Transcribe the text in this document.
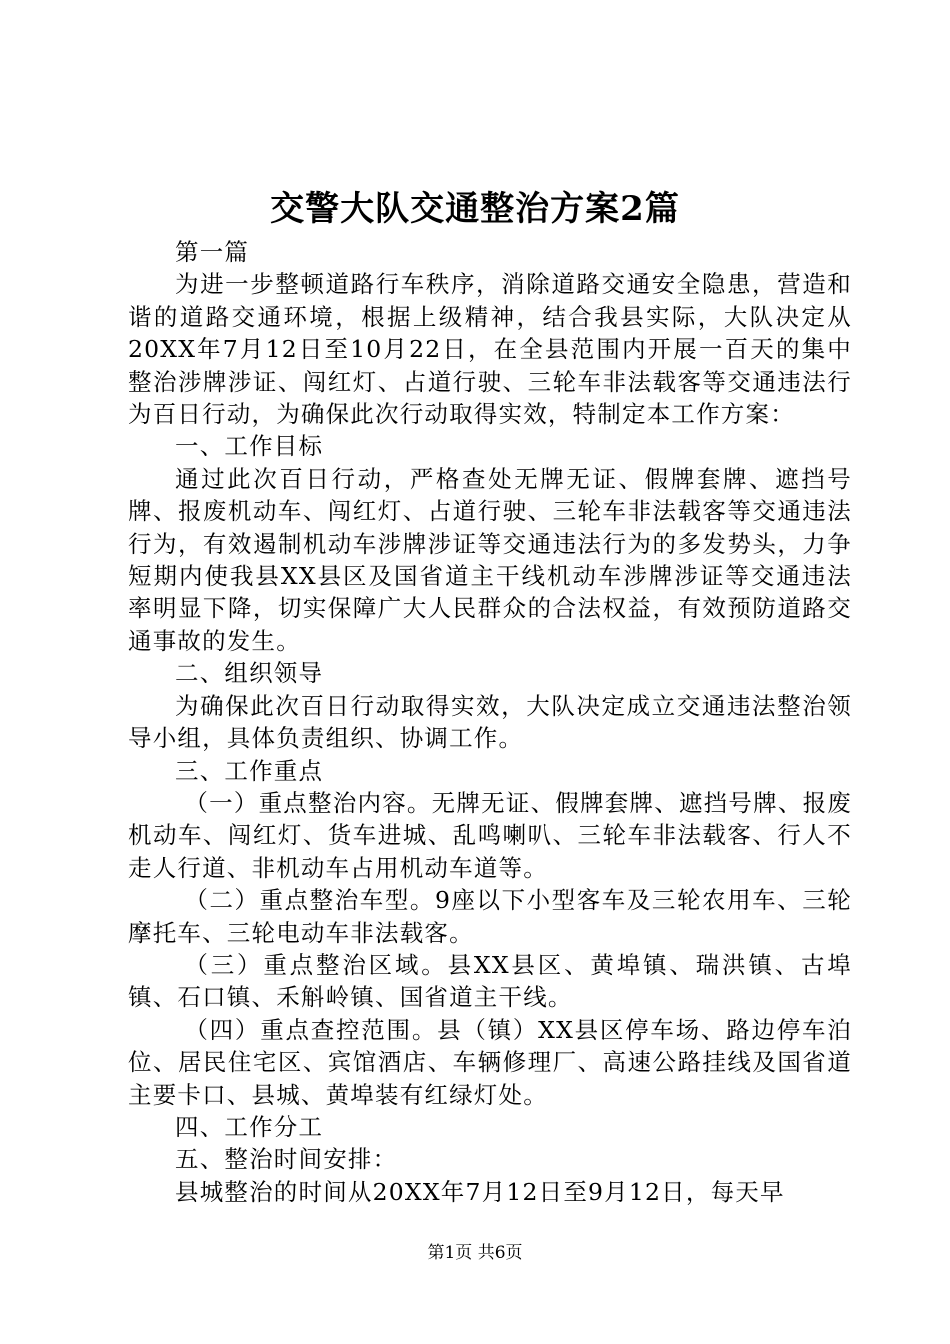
交警大队交通整治方案2篇

第一篇

为进一步整顿道路行车秩序，消除道路交通安全隐患，营造和谐的道路交通环境，根据上级精神，结合我县实际，大队决定从20XX年7月12日至10月22日，在全县范围内开展一百天的集中整治涉牌涉证、闯红灯、占道行驶、三轮车非法载客等交通违法行为百日行动，为确保此次行动取得实效，特制定本工作方案：

一、工作目标

通过此次百日行动，严格查处无牌无证、假牌套牌、遮挡号牌、报废机动车、闯红灯、占道行驶、三轮车非法载客等交通违法行为，有效遏制机动车涉牌涉证等交通违法行为的多发势头，力争短期内使我县XX县区及国省道主干线机动车涉牌涉证等交通违法率明显下降，切实保障广大人民群众的合法权益，有效预防道路交通事故的发生。

二、组织领导

为确保此次百日行动取得实效，大队决定成立交通违法整治领导小组，具体负责组织、协调工作。

三、工作重点

（一）重点整治内容。无牌无证、假牌套牌、遮挡号牌、报废机动车、闯红灯、货车进城、乱鸣喇叭、三轮车非法载客、行人不走人行道、非机动车占用机动车道等。

（二）重点整治车型。9座以下小型客车及三轮农用车、三轮摩托车、三轮电动车非法载客。

（三）重点整治区域。县XX县区、黄埠镇、瑞洪镇、古埠镇、石口镇、禾斛岭镇、国省道主干线。

（四）重点查控范围。县（镇）XX县区停车场、路边停车泊位、居民住宅区、宾馆酒店、车辆修理厂、高速公路挂线及国省道主要卡口、县城、黄埠装有红绿灯处。

四、工作分工

五、整治时间安排：

县城整治的时间从20XX年7月12日至9月12日，每天早

第1页 共6页
